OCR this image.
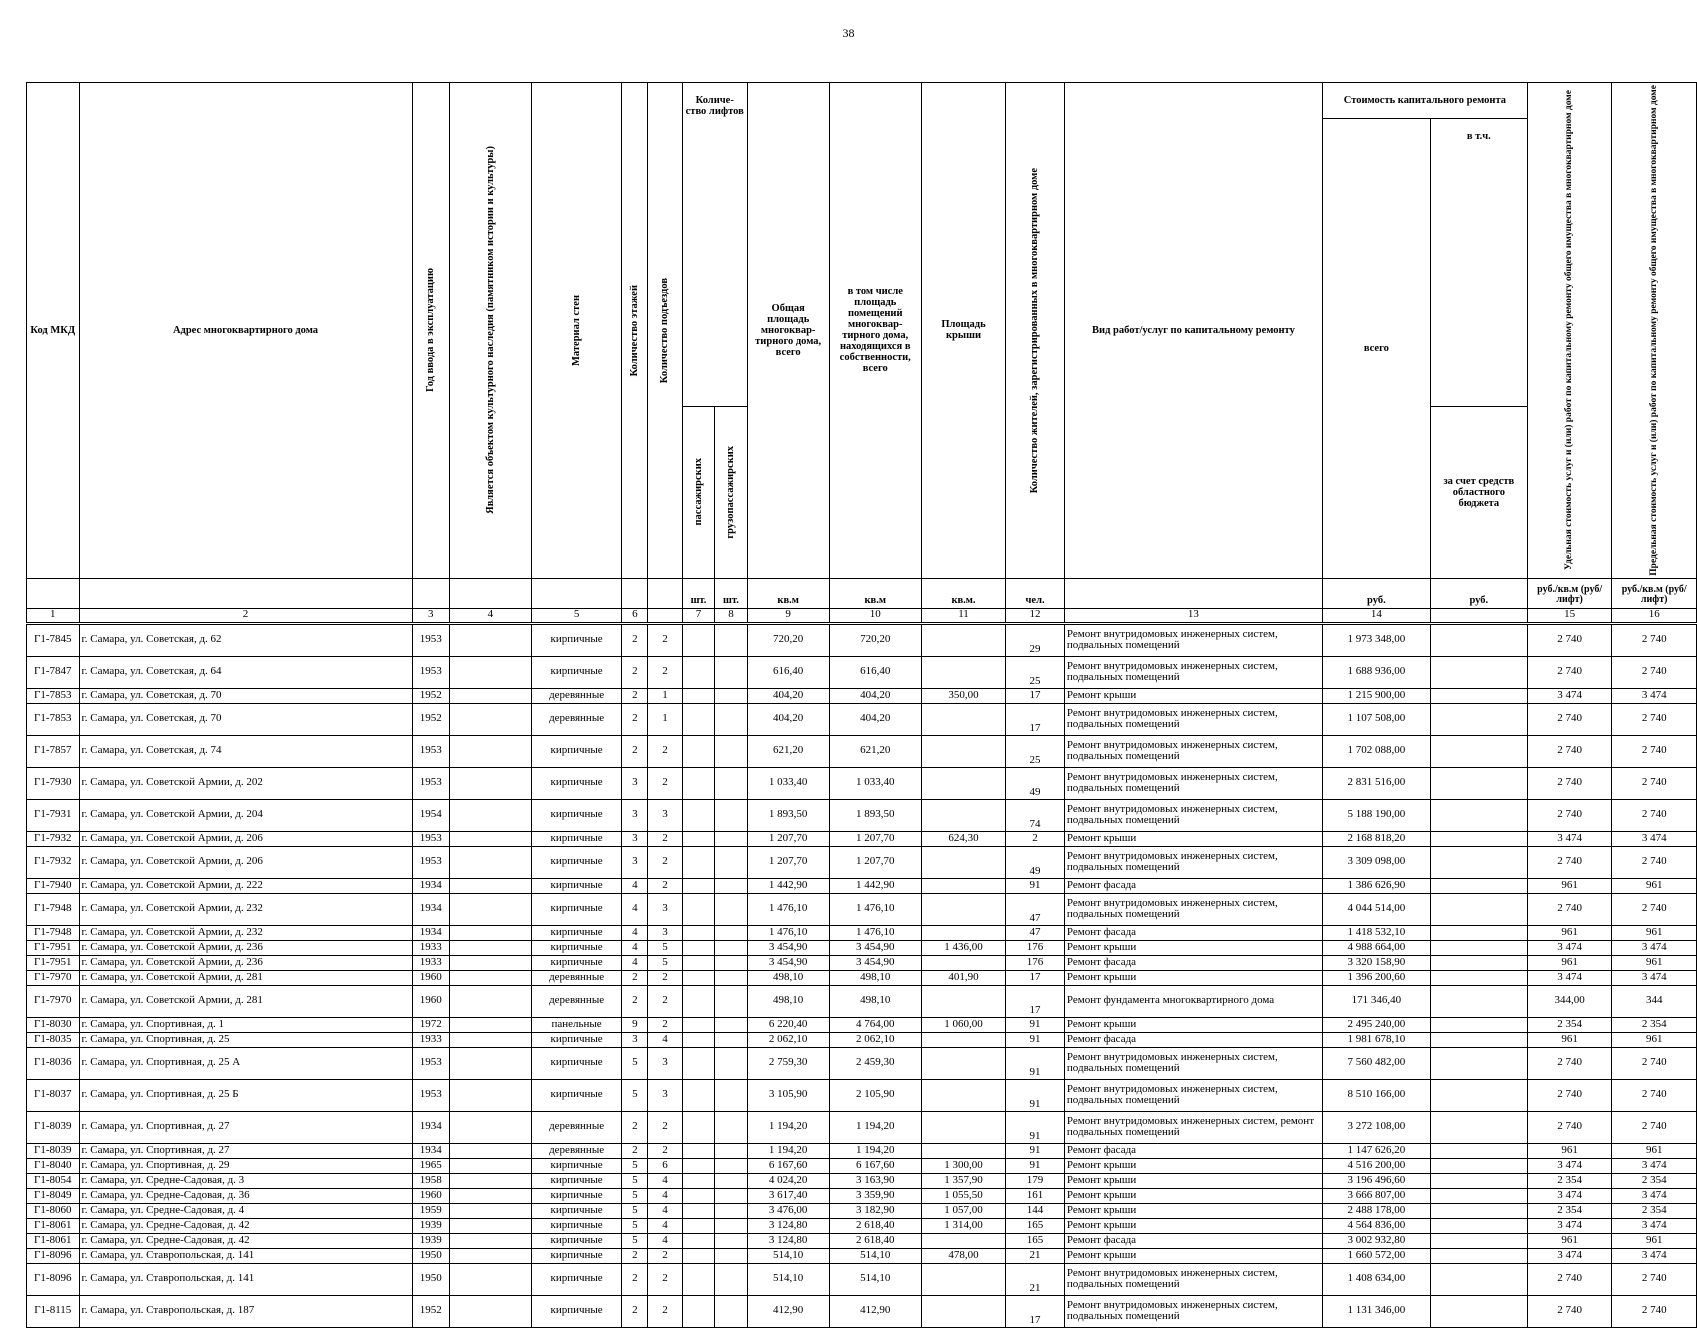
38
Код МКД	Адрес многоквартирного дома	Год ввода в эксплуатацию	Является объектом культурного наследия (памятником истории и культуры)	Материал стен	Количество этажей	Количество подъездов	Количе- ство лифтов		Общая площадь многоквар- тирного дома, всего	в том числе площадь помещений многоквар- тирного дома, находящихся в собственности, всего	Площадь крыши	Количество жителей, зарегистрированных в многоквартирном доме	Вид работ/услуг по капитальному ремонту	Стоимость капитального ремонта		Удельная стоимость услуг и (или) работ по капитальному ремонту общего имущества в многоквартирном доме	Предельная стоимость услуг и (или) работ по капитальному ремонту общего имущества в многоквартирном доме

														всего	в т.ч.		

							пассажирских	грузопассажирских							за счет средств областного бюджета		
							шт.	шт.	кв.м	кв.м	кв.м.	чел.		руб.	руб.	руб./кв.м (руб/лифт)	руб./кв.м (руб/лифт)
1	2	3	4	5	6		7	8	9	10	11	12	13	14		15	16
Г1-7845	г. Самара, ул. Советская, д. 62	1953		кирпичные	2	2			720,20	720,20		29	Ремонт внутридомовых инженерных систем, подвальных помещений	1 973 348,00		2 740	2 740
Г1-7847	г. Самара, ул. Советская, д. 64	1953		кирпичные	2	2			616,40	616,40		25	Ремонт внутридомовых инженерных систем, подвальных помещений	1 688 936,00		2 740	2 740
Г1-7853	г. Самара, ул. Советская, д. 70	1952		деревянные	2	1			404,20	404,20	350,00	17	Ремонт крыши	1 215 900,00		3 474	3 474
Г1-7853	г. Самара, ул. Советская, д. 70	1952		деревянные	2	1			404,20	404,20		17	Ремонт внутридомовых инженерных систем, подвальных помещений	1 107 508,00		2 740	2 740
Г1-7857	г. Самара, ул. Советская, д. 74	1953		кирпичные	2	2			621,20	621,20		25	Ремонт внутридомовых инженерных систем, подвальных помещений	1 702 088,00		2 740	2 740
Г1-7930	г. Самара, ул. Советской Армии, д. 202	1953		кирпичные	3	2			1 033,40	1 033,40		49	Ремонт внутридомовых инженерных систем, подвальных помещений	2 831 516,00		2 740	2 740
Г1-7931	г. Самара, ул. Советской Армии, д. 204	1954		кирпичные	3	3			1 893,50	1 893,50		74	Ремонт внутридомовых инженерных систем, подвальных помещений	5 188 190,00		2 740	2 740
Г1-7932	г. Самара, ул. Советской Армии, д. 206	1953		кирпичные	3	2			1 207,70	1 207,70	624,30	2	Ремонт крыши	2 168 818,20		3 474	3 474
Г1-7932	г. Самара, ул. Советской Армии, д. 206	1953		кирпичные	3	2			1 207,70	1 207,70		49	Ремонт внутридомовых инженерных систем, подвальных помещений	3 309 098,00		2 740	2 740
Г1-7940	г. Самара, ул. Советской Армии, д. 222	1934		кирпичные	4	2			1 442,90	1 442,90		91	Ремонт фасада	1 386 626,90		961	961
Г1-7948	г. Самара, ул. Советской Армии, д. 232	1934		кирпичные	4	3			1 476,10	1 476,10		47	Ремонт внутридомовых инженерных систем, подвальных помещений	4 044 514,00		2 740	2 740
Г1-7948	г. Самара, ул. Советской Армии, д. 232	1934		кирпичные	4	3			1 476,10	1 476,10		47	Ремонт фасада	1 418 532,10		961	961
Г1-7951	г. Самара, ул. Советской Армии, д. 236	1933		кирпичные	4	5			3 454,90	3 454,90	1 436,00	176	Ремонт крыши	4 988 664,00		3 474	3 474
Г1-7951	г. Самара, ул. Советской Армии, д. 236	1933		кирпичные	4	5			3 454,90	3 454,90		176	Ремонт фасада	3 320 158,90		961	961
Г1-7970	г. Самара, ул. Советской Армии, д. 281	1960		деревянные	2	2			498,10	498,10	401,90	17	Ремонт крыши	1 396 200,60		3 474	3 474
Г1-7970	г. Самара, ул. Советской Армии, д. 281	1960		деревянные	2	2			498,10	498,10		17	Ремонт фундамента многоквартирного дома	171 346,40		344,00	344
Г1-8030	г. Самара, ул. Спортивная, д. 1	1972		панельные	9	2			6 220,40	4 764,00	1 060,00	91	Ремонт крыши	2 495 240,00		2 354	2 354
Г1-8035	г. Самара, ул. Спортивная, д. 25	1933		кирпичные	3	4			2 062,10	2 062,10		91	Ремонт фасада	1 981 678,10		961	961
Г1-8036	г. Самара, ул. Спортивная, д. 25 А	1953		кирпичные	5	3			2 759,30	2 459,30		91	Ремонт внутридомовых инженерных систем, подвальных помещений	7 560 482,00		2 740	2 740
Г1-8037	г. Самара, ул. Спортивная, д. 25 Б	1953		кирпичные	5	3			3 105,90	2 105,90		91	Ремонт внутридомовых инженерных систем, подвальных помещений	8 510 166,00		2 740	2 740
Г1-8039	г. Самара, ул. Спортивная, д. 27	1934		деревянные	2	2			1 194,20	1 194,20		91	Ремонт внутридомовых инженерных систем, ремонт подвальных помещений	3 272 108,00		2 740	2 740
Г1-8039	г. Самара, ул. Спортивная, д. 27	1934		деревянные	2	2			1 194,20	1 194,20		91	Ремонт фасада	1 147 626,20		961	961
Г1-8040	г. Самара, ул. Спортивная, д. 29	1965		кирпичные	5	6			6 167,60	6 167,60	1 300,00	91	Ремонт крыши	4 516 200,00		3 474	3 474
Г1-8054	г. Самара, ул. Средне-Садовая, д. 3	1958		кирпичные	5	4			4 024,20	3 163,90	1 357,90	179	Ремонт крыши	3 196 496,60		2 354	2 354
Г1-8049	г. Самара, ул. Средне-Садовая, д. 36	1960		кирпичные	5	4			3 617,40	3 359,90	1 055,50	161	Ремонт крыши	3 666 807,00		3 474	3 474
Г1-8060	г. Самара, ул. Средне-Садовая, д. 4	1959		кирпичные	5	4			3 476,00	3 182,90	1 057,00	144	Ремонт крыши	2 488 178,00		2 354	2 354
Г1-8061	г. Самара, ул. Средне-Садовая, д. 42	1939		кирпичные	5	4			3 124,80	2 618,40	1 314,00	165	Ремонт крыши	4 564 836,00		3 474	3 474
Г1-8061	г. Самара, ул. Средне-Садовая, д. 42	1939		кирпичные	5	4			3 124,80	2 618,40		165	Ремонт фасада	3 002 932,80		961	961
Г1-8096	г. Самара, ул. Ставропольская, д. 141	1950		кирпичные	2	2			514,10	514,10	478,00	21	Ремонт крыши	1 660 572,00		3 474	3 474
Г1-8096	г. Самара, ул. Ставропольская, д. 141	1950		кирпичные	2	2			514,10	514,10		21	Ремонт внутридомовых инженерных систем, подвальных помещений	1 408 634,00		2 740	2 740
Г1-8115	г. Самара, ул. Ставропольская, д. 187	1952		кирпичные	2	2			412,90	412,90		17	Ремонт внутридомовых инженерных систем, подвальных помещений	1 131 346,00		2 740	2 740
